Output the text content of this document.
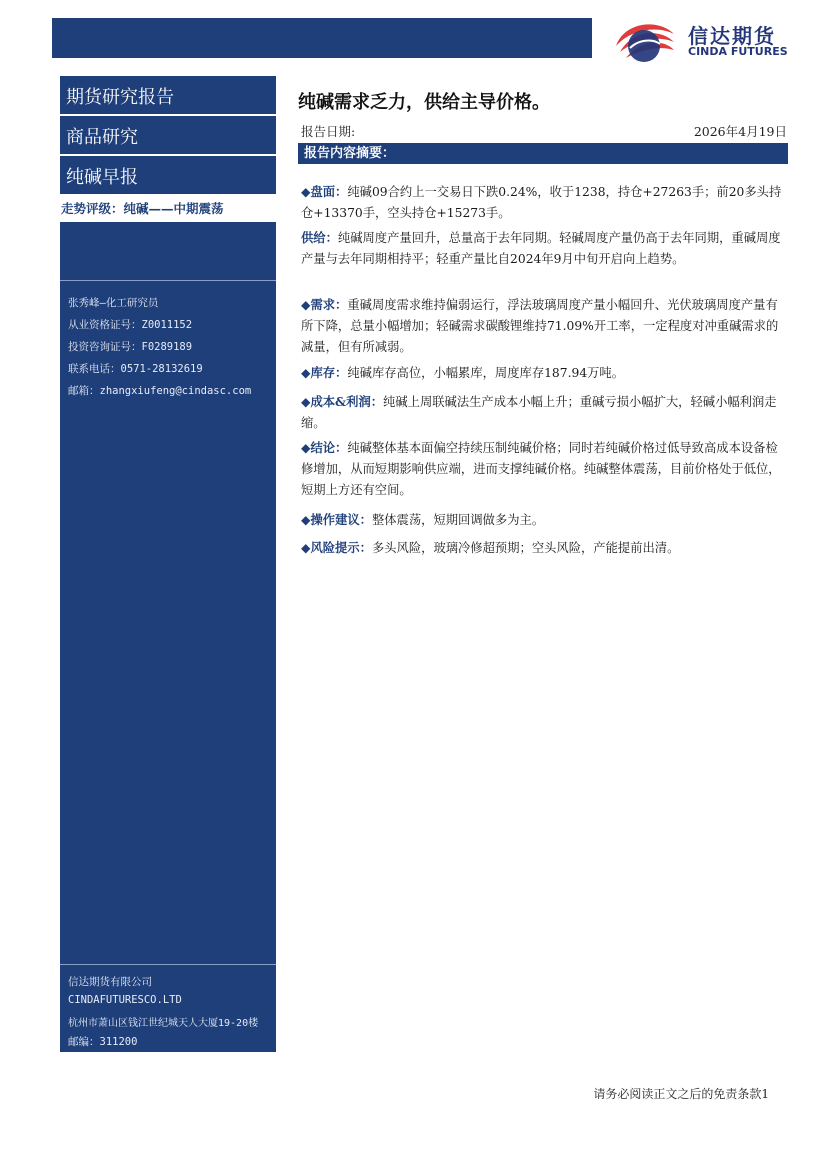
信达期货
CINDA FUTURES
期货研究报告
商品研究
纯碱早报
走势评级：纯碱——中期震荡
张秀峰—化工研究员
从业资格证号：Z0011152
投资咨询证号：F0289189
联系电话：0571-28132619
邮箱：zhangxiufeng@cindasc.com
信达期货有限公司
CINDAFUTURESCO.LTD
杭州市萧山区钱江世纪城天人大厦19-20楼
邮编：311200
纯碱需求乏力，供给主导价格。
报告日期:	2026年4月19日
报告内容摘要：

◆盘面：纯碱09合约上一交易日下跌0.24%，收于1238，持仓+27263手；前20多头持仓+13370手，空头持仓+15273手。

供给：纯碱周度产量回升，总量高于去年同期。轻碱周度产量仍高于去年同期，重碱周度产量与去年同期相持平；轻重产量比自2024年9月中旬开启向上趋势。

◆需求：重碱周度需求维持偏弱运行，浮法玻璃周度产量小幅回升、光伏玻璃周度产量有所下降，总量小幅增加；轻碱需求碳酸锂维持71.09%开工率，一定程度对冲重碱需求的减量，但有所减弱。

◆库存：纯碱库存高位，小幅累库，周度库存187.94万吨。

◆成本&利润：纯碱上周联碱法生产成本小幅上升；重碱亏损小幅扩大，轻碱小幅利润走缩。

◆结论：纯碱整体基本面偏空持续压制纯碱价格；同时若纯碱价格过低导致高成本设备检修增加，从而短期影响供应端，进而支撑纯碱价格。纯碱整体震荡，目前价格处于低位，短期上方还有空间。

◆操作建议：整体震荡，短期回调做多为主。

◆风险提示：多头风险，玻璃冷修超预期；空头风险，产能提前出清。

请务必阅读正文之后的免责条款1
